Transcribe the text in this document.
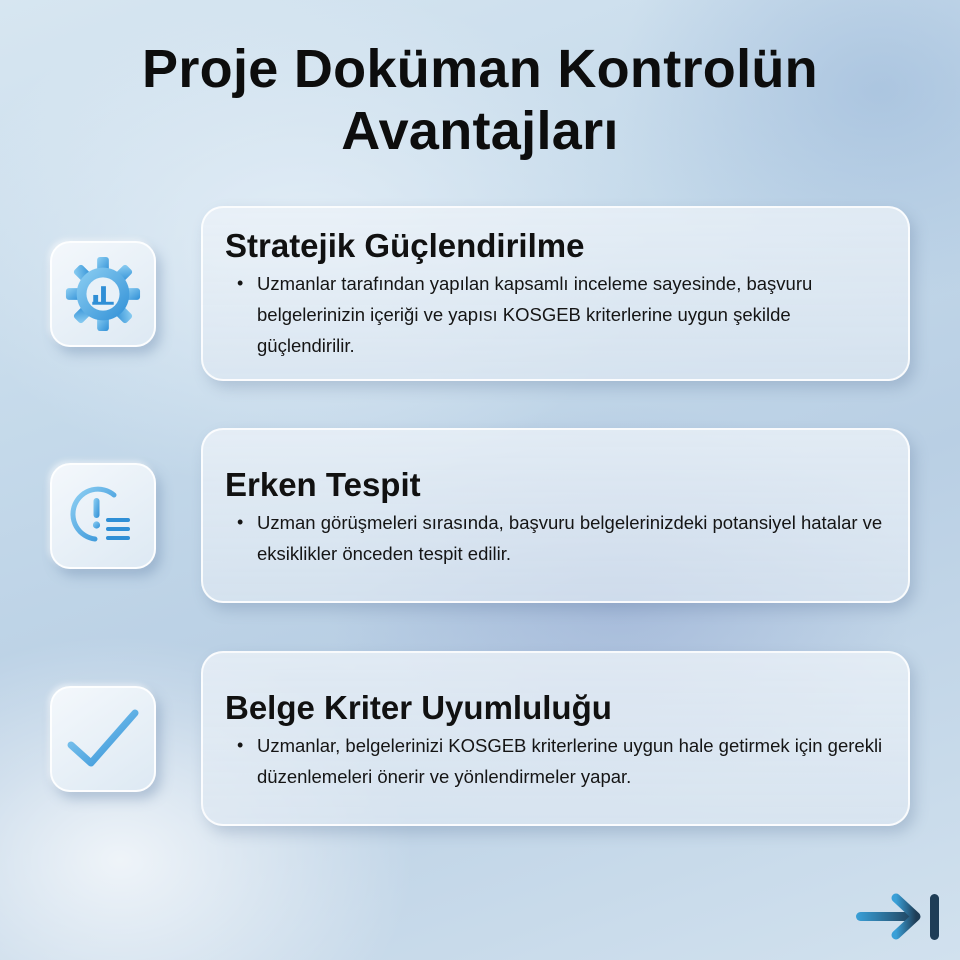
Proje Doküman Kontrolün
Avantajları
Stratejik Güçlendirilme
• Uzmanlar tarafından yapılan kapsamlı inceleme sayesinde, başvuru belgelerinizin içeriği ve yapısı KOSGEB kriterlerine uygun şekilde güçlendirilir.
Erken Tespit
• Uzman görüşmeleri sırasında, başvuru belgelerinizdeki potansiyel hatalar ve eksiklikler önceden tespit edilir.
Belge Kriter Uyumluluğu
• Uzmanlar, belgelerinizi KOSGEB kriterlerine uygun hale getirmek için gerekli düzenlemeleri önerir ve yönlendirmeler yapar.
